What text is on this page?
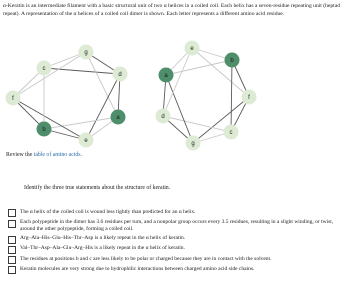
α-Keratin is an intermediate filament with a basic structural unit of two α helices in a coiled coil. Each helix has a seven-residue repeating unit (heptad repeat). A representation of the α helices of a coiled coil dimer is shown. Each letter represents a different amino acid residue.
c
g
d
a
e
b
f
e
b
f
c
g
d
a
Review the table of amino acids.
Identify the three true statements about the structure of keratin.
The α helix of the coiled coil is wound less tightly than predicted for an α helix.
Each polypeptide in the dimer has 3.6 residues per turn, and a nonpolar group occurs every 3.5 residues, resulting in a slight winding, or twist, around the other polypeptide, forming a coiled coil.
Arg–Ala–His–Glu–His–Thr–Asp is a likely repeat in the α helix of keratin.
Val–Thr–Asp–Ala–Glu–Arg–His is a likely repeat in the α helix of keratin.
The residues at positions b and c are less likely to be polar or charged because they are in contact with the solvent.
Keratin molecules are very strong due to hydrophilic interactions between charged amino acid side chains.
